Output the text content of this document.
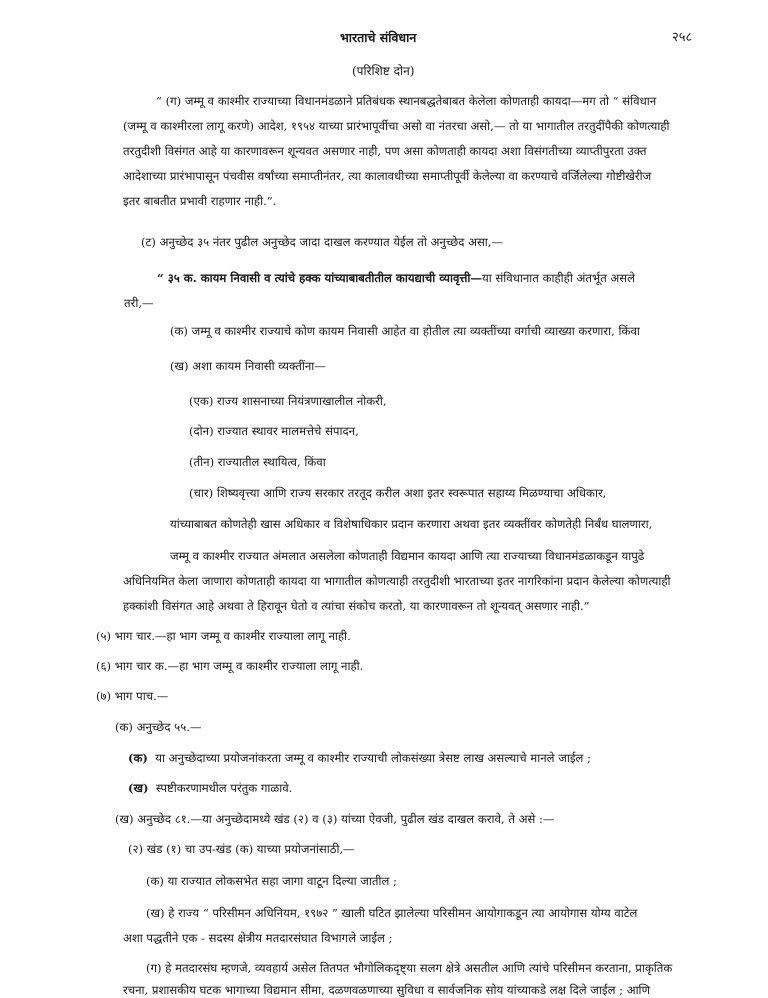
भारताचे संविधान	२५८
(परिशिष्ट दोन)
“ (ग) जम्मू व काश्मीर राज्याच्या विधानमंडळाने प्रतिबंधक स्थानबद्धतेबाबत केलेला कोणताही कायदा—मग तो “ संविधान
(जम्मू व काश्मीरला लागू करणे) आदेश, १९५४ याच्या प्रारंभापूर्वीचा असो वा नंतरचा असो,— तो या भागातील तरतुदींपैकी कोणत्याही
तरतुदीशी विसंगत आहे या कारणावरून शून्यवत असणार नाही, पण असा कोणताही कायदा अशा विसंगतीच्या व्याप्तीपुरता उक्त
आदेशाच्या प्रारंभापासून पंचवीस वर्षांच्या समाप्तीनंतर, त्या कालावधीच्या समाप्तीपूर्वी केलेल्या वा करण्याचे वर्जिलेल्या गोष्टीखेरीज
इतर बाबतीत प्रभावी राहणार नाही.”.
(ट) अनुच्छेद ३५ नंतर पुढील अनुच्छेद जादा दाखल करण्यात येईल तो अनुच्छेद असा,—
“ ३५ क. कायम निवासी व त्यांचे हक्क यांच्याबाबतीतील कायद्याची व्यावृत्ती—या संविधानात काहीही अंतर्भूत असले
तरी,—
(क) जम्मू व काश्मीर राज्याचे कोण कायम निवासी आहेत वा होतील त्या व्यक्तींच्या वर्गाची व्याख्या करणारा, किंवा
(ख) अशा कायम निवासी व्यक्तींना—
(एक) राज्य शासनाच्या नियंत्रणाखालील नोकरी,
(दोन) राज्यात स्थावर मालमत्तेचे संपादन,
(तीन) राज्यातील स्थायित्व, किंवा
(चार) शिष्यवृत्त्या आणि राज्य सरकार तरतूद करील अशा इतर स्वरूपात सहाय्य मिळण्याचा अधिकार,
यांच्याबाबत कोणतेही खास अधिकार व विशेषाधिकार प्रदान करणारा अथवा इतर व्यक्तींवर कोणतेही निर्बंध घालणारा,
जम्मू व काश्मीर राज्यात अंमलात असलेला कोणताही विद्यमान कायदा आणि त्या राज्याच्या विधानमंडळाकडून यापुढे
अधिनियमित केला जाणारा कोणताही कायदा या भागातील कोणत्याही तरतुदीशी भारताच्या इतर नागरिकांना प्रदान केलेल्या कोणत्याही
हक्कांशी विसंगत आहे अथवा ते हिरावून घेतो व त्यांचा संकोच करतो, या कारणावरून तो शून्यवत् असणार नाही.”
(५) भाग चार.—हा भाग जम्मू व काश्मीर राज्याला लागू नाही.
(६) भाग चार क.—हा भाग जम्मू व काश्मीर राज्याला लागू नाही.
(७) भाग पाच.—
(क) अनुच्छेद ५५.—
(क) या अनुच्छेदाच्या प्रयोजनांकरता जम्मू व काश्मीर राज्याची लोकसंख्या त्रेसष्ट लाख असल्याचे मानले जाईल ;
(ख) स्पष्टीकरणामधील परंतुक गाळावे.
(ख) अनुच्छेद ८१.—या अनुच्छेदामध्ये खंड (२) व (३) यांच्या ऐवजी, पुढील खंड दाखल करावे, ते असे :—
(२) खंड (१) चा उप-खंड (क) याच्या प्रयोजनांसाठी,—
(क) या राज्यात लोकसभेत सहा जागा वाटून दिल्या जातील ;
(ख) हे राज्य “ परिसीमन अधिनियम, १९७२ ” खाली घटित झालेल्या परिसीमन आयोगाकडून त्या आयोगास योग्य वाटेल
अशा पद्धतीने एक - सदस्य क्षेत्रीय मतदारसंघात विभागले जाईल ;
(ग) हे मतदारसंघ म्हणजे, व्यवहार्य असेल तितपत भौगोलिकदृष्ट्या सलग क्षेत्रे असतील आणि त्यांचे परिसीमन करताना, प्राकृतिक
रचना, प्रशासकीय घटक भागाच्या विद्यमान सीमा, दळणवळणाच्या सुविधा व सार्वजनिक सोय यांच्याकडे लक्ष दिले जाईल ; आणि
